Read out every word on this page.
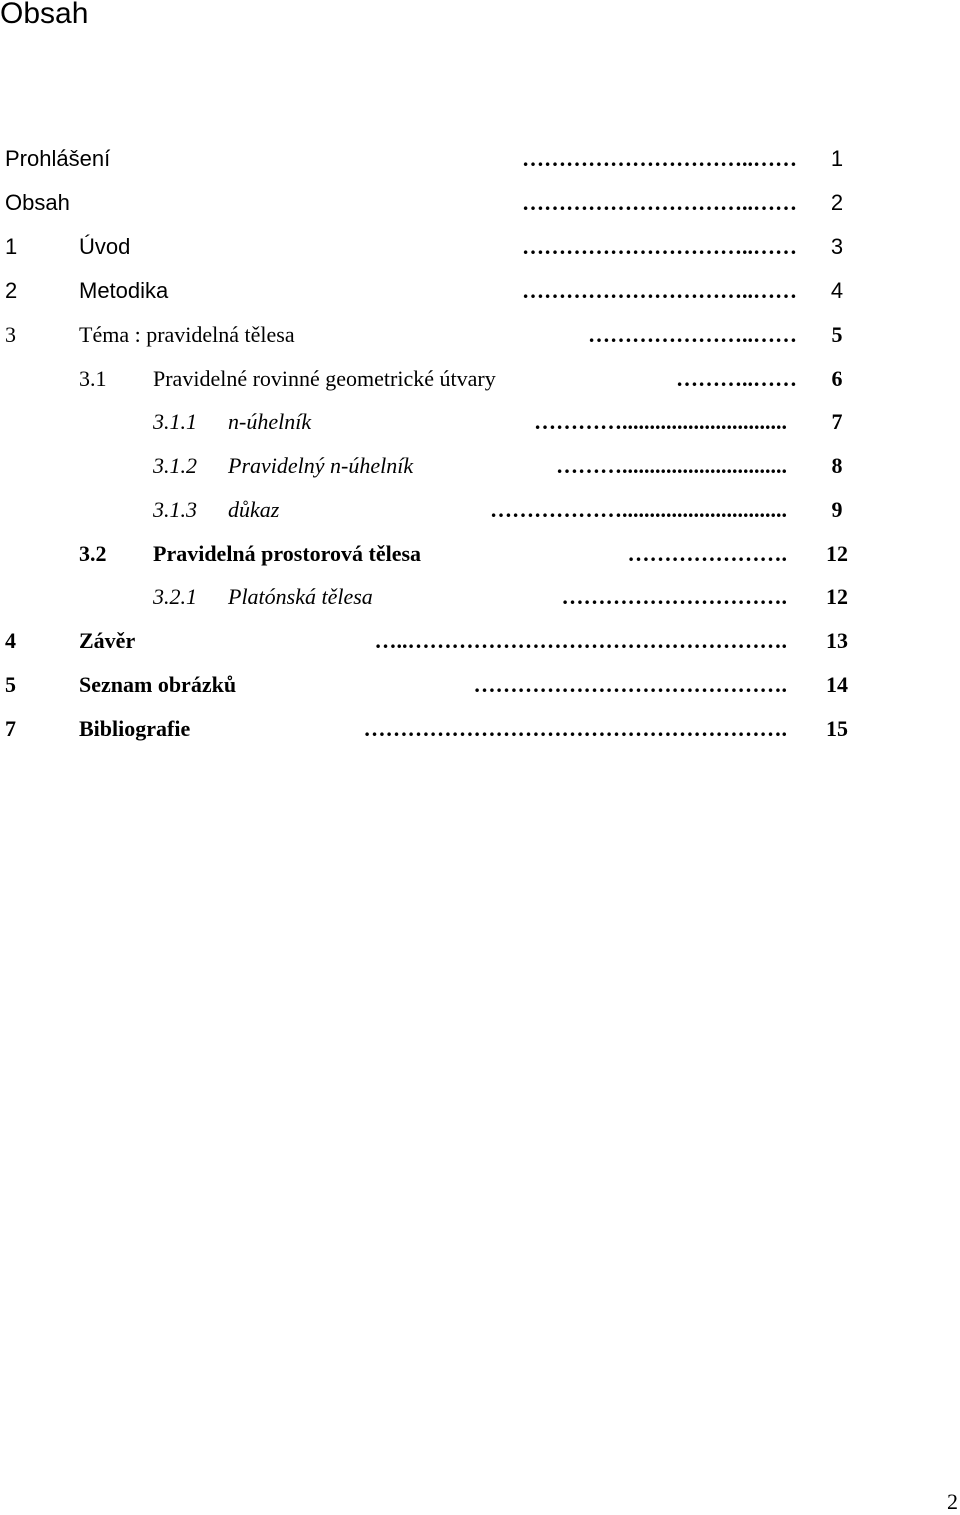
Obsah
Prohlášení	…………………………..……	1
Obsah	…………………………..……	2
1	Úvod	…………………………..……	3
2	Metodika	…………………………..……	4
3	Téma : pravidelná tělesa	…………………..……	5
3.1 Pravidelné rovinné geometrické útvary	………..……	6
3.1.1 n-úhelník	…………..............................	7
3.1.2 Pravidelný n-úhelník	………..............................	8
3.1.3 důkaz	………………..............................	9
3.2 Pravidelná prostorová tělesa	………………….	12
3.2.1 Platónská tělesa	………………………….	12
4	Závěr	…..…………………………………………….	13
5	Seznam obrázků	…………………………………….	14
7	Bibliografie	………………………………………………….	15
2
